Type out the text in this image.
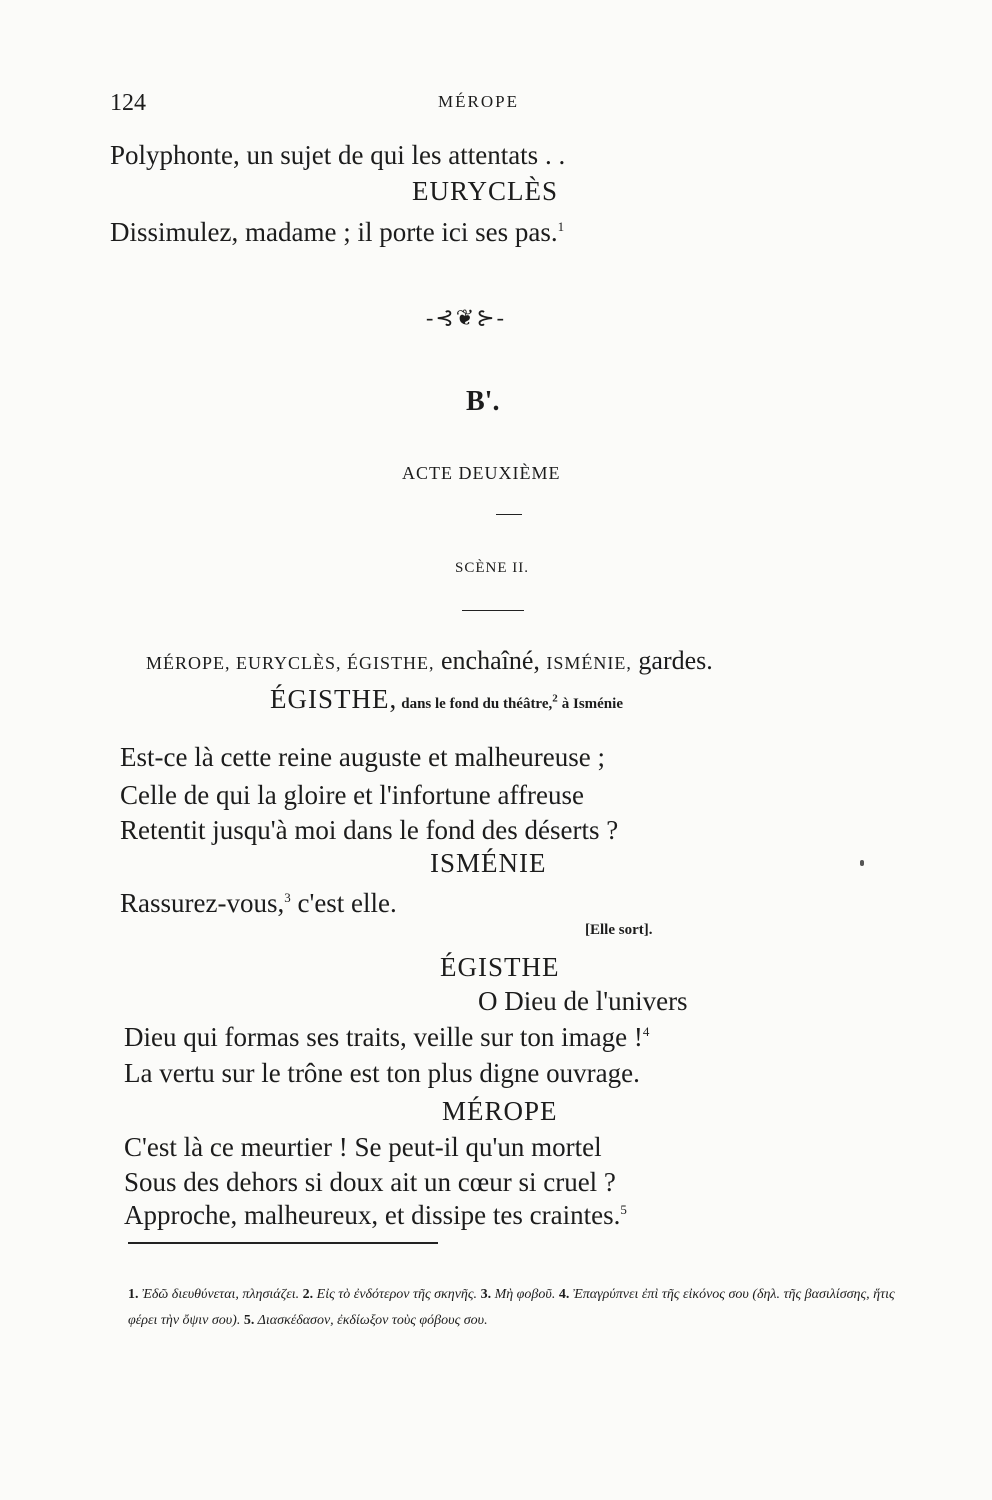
124	MÉROPE
Polyphonte, un sujet de qui les attentats . .
EURYCLÈS
Dissimulez, madame ; il porte ici ses pas.$^1$
-⊰❦⊱-
B'.
ACTE DEUXIÈME
SCÈNE II.
MÉROPE, EURYCLÈS, ÉGISTHE, enchaîné, ISMÉNIE, gardes.
ÉGISTHE, dans le fond du théâtre,$^2$ à Isménie
Est-ce là cette reine auguste et malheureuse ;
Celle de qui la gloire et l'infortune affreuse
Retentit jusqu'à moi dans le fond des déserts ?
ISMÉNIE
Rassurez-vous,$^3$ c'est elle.
[Elle sort].
ÉGISTHE
O Dieu de l'univers
Dieu qui formas ses traits, veille sur ton image !$^4$
La vertu sur le trône est ton plus digne ouvrage.
MÉROPE
C'est là ce meurtier ! Se peut-il qu'un mortel
Sous des dehors si doux ait un cœur si cruel ?
Approche, malheureux, et dissipe tes craintes.$^5$
1. Ἐδῶ διευθύνεται, πλησιάζει. 2. Εἰς τὸ ἐνδότερον τῆς σκηνῆς. 3. Μὴ φοβοῦ. 4. Ἐπαγρύπνει ἐπὶ τῆς εἰκόνος σου (δηλ. τῆς βασιλίσσης, ἥτις φέρει τὴν ὄψιν σου). 5. Διασκέδασον, ἐκδίωξον τοὺς φόβους σου.
